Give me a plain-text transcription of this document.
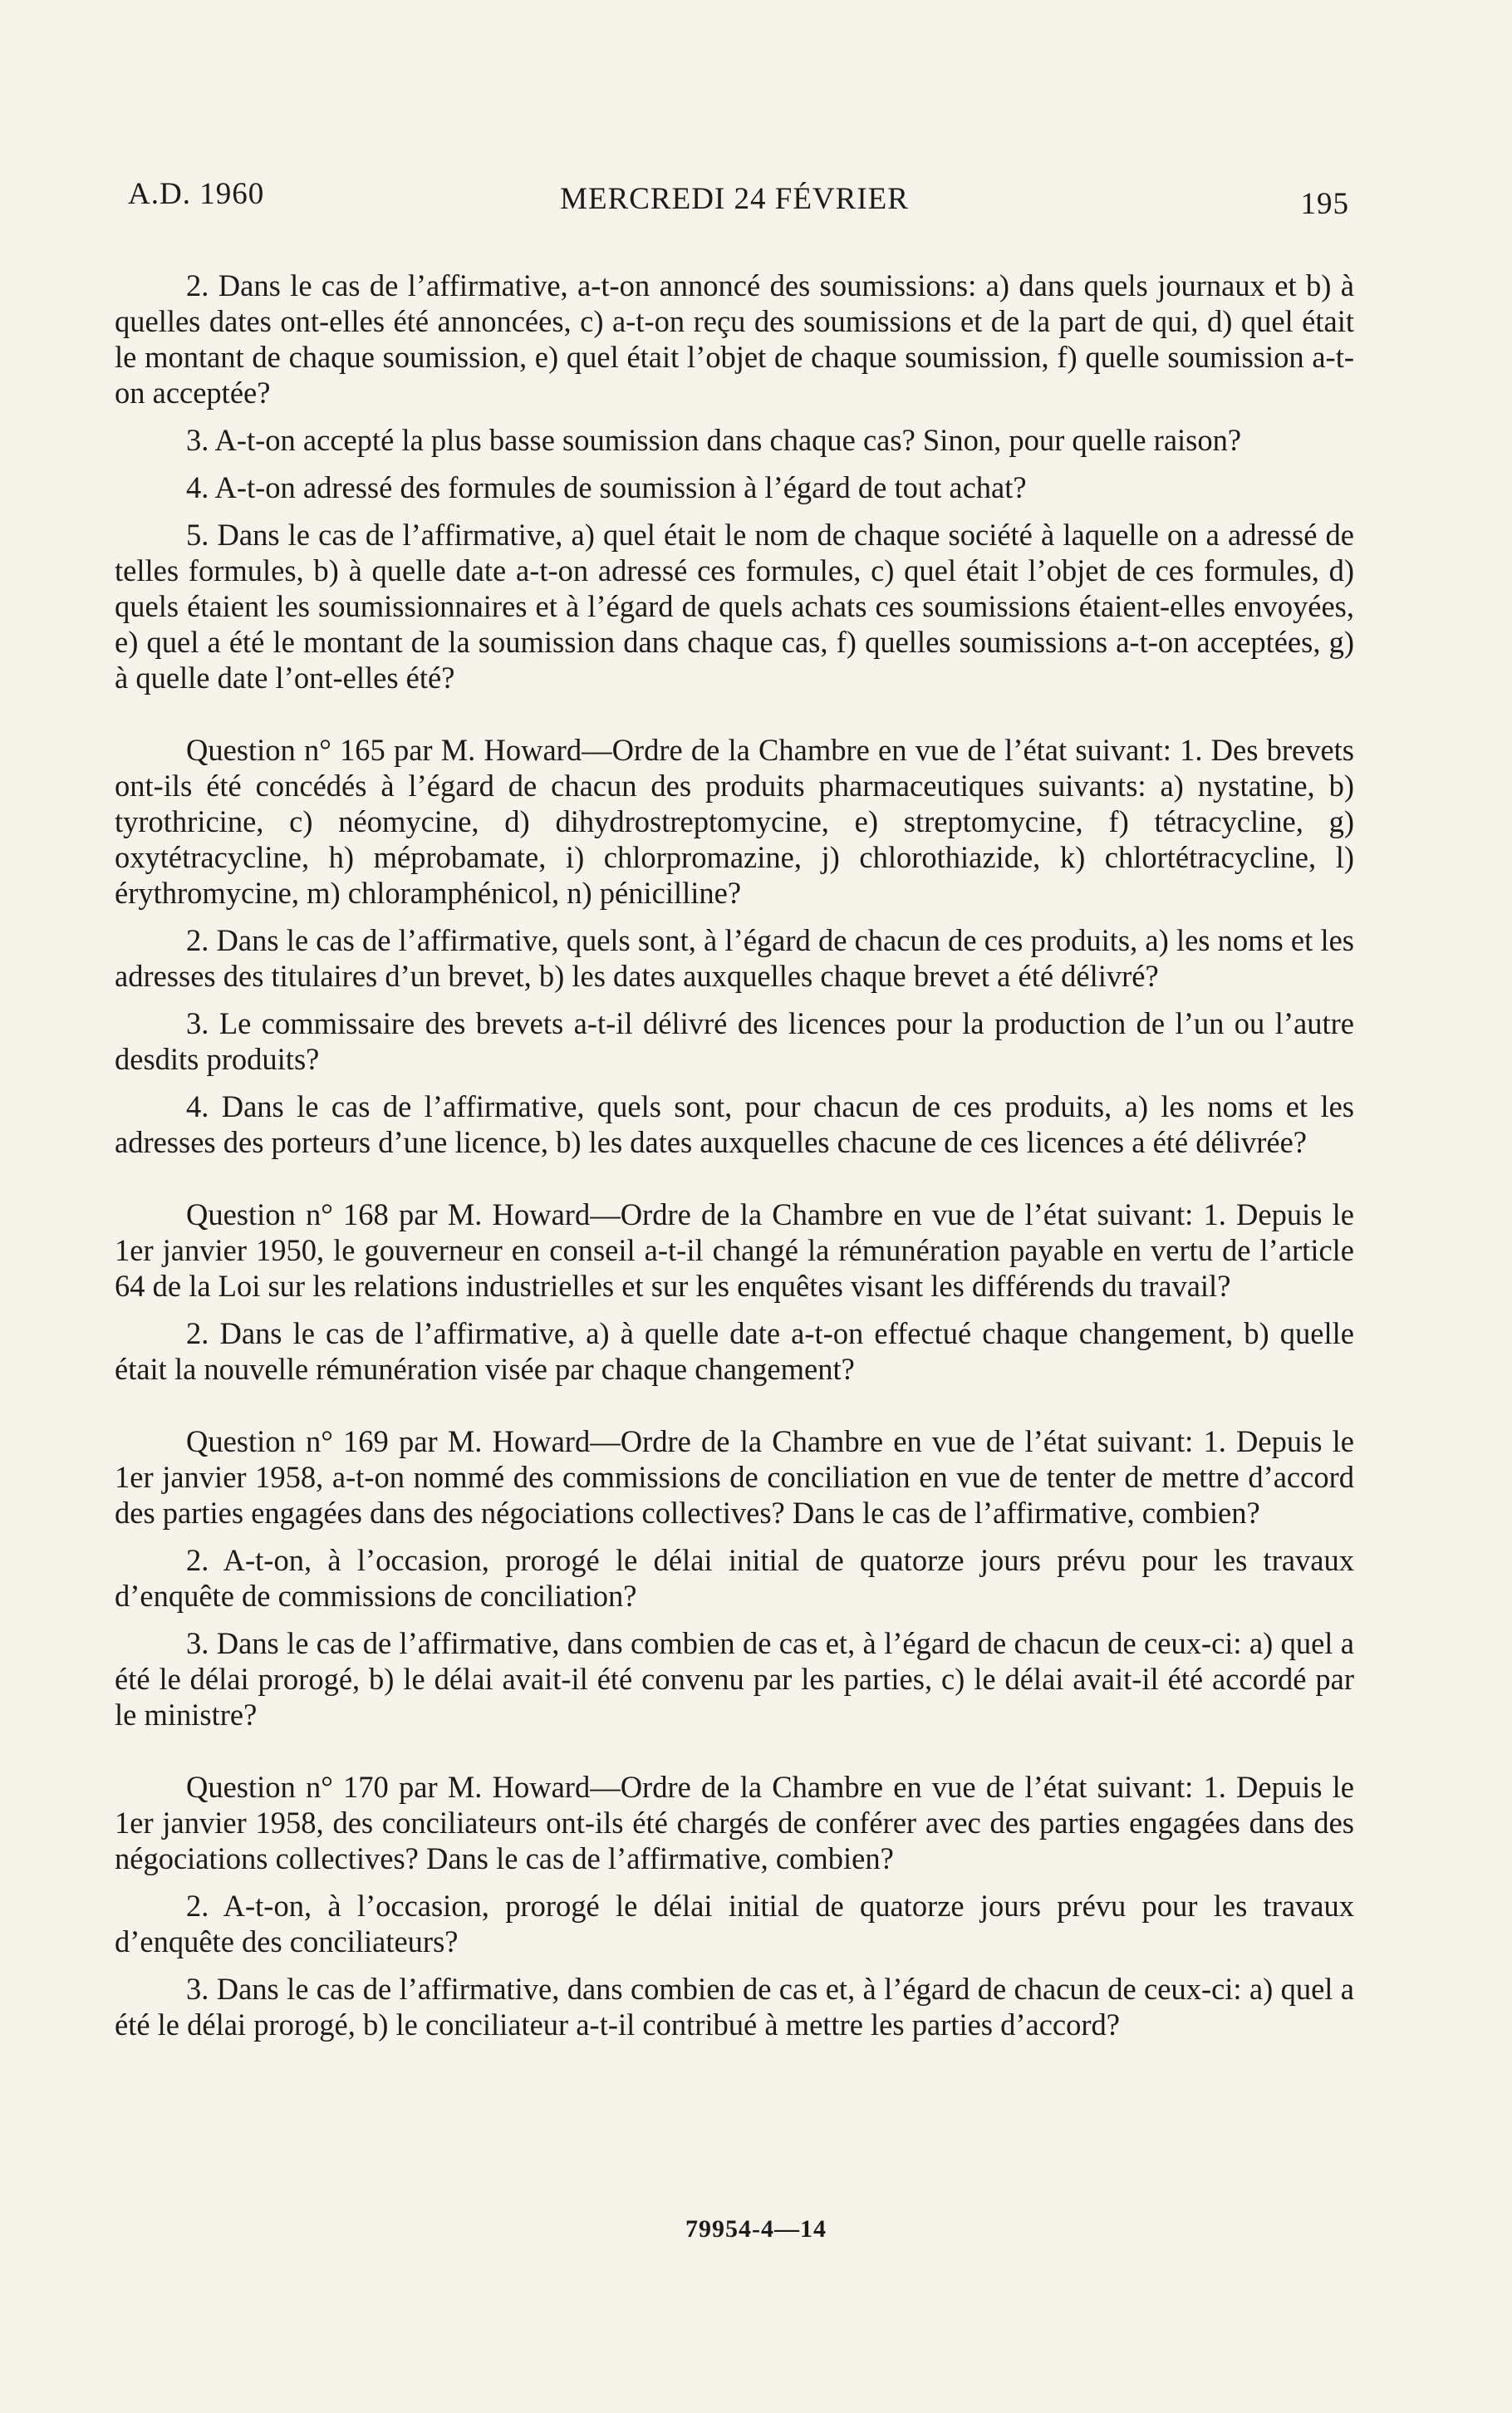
A.D. 1960	MERCREDI 24 FÉVRIER	195

2. Dans le cas de l’affirmative, a-t-on annoncé des soumissions: a) dans quels journaux et b) à quelles dates ont-elles été annoncées, c) a-t-on reçu des soumissions et de la part de qui, d) quel était le montant de chaque soumission, e) quel était l’objet de chaque soumission, f) quelle soumission a-t-on acceptée?

3. A-t-on accepté la plus basse soumission dans chaque cas? Sinon, pour quelle raison?

4. A-t-on adressé des formules de soumission à l’égard de tout achat?

5. Dans le cas de l’affirmative, a) quel était le nom de chaque société à laquelle on a adressé de telles formules, b) à quelle date a-t-on adressé ces formules, c) quel était l’objet de ces formules, d) quels étaient les soumissionnaires et à l’égard de quels achats ces soumissions étaient-elles envoyées, e) quel a été le montant de la soumission dans chaque cas, f) quelles soumissions a-t-on acceptées, g) à quelle date l’ont-elles été?

Question n° 165 par M. Howard—Ordre de la Chambre en vue de l’état suivant: 1. Des brevets ont-ils été concédés à l’égard de chacun des produits pharmaceutiques suivants: a) nystatine, b) tyrothricine, c) néomycine, d) dihydrostreptomycine, e) streptomycine, f) tétracycline, g) oxytétracycline, h) méprobamate, i) chlorpromazine, j) chlorothiazide, k) chlortétracycline, l) érythromycine, m) chloramphénicol, n) pénicilline?

2. Dans le cas de l’affirmative, quels sont, à l’égard de chacun de ces produits, a) les noms et les adresses des titulaires d’un brevet, b) les dates auxquelles chaque brevet a été délivré?

3. Le commissaire des brevets a-t-il délivré des licences pour la production de l’un ou l’autre desdits produits?

4. Dans le cas de l’affirmative, quels sont, pour chacun de ces produits, a) les noms et les adresses des porteurs d’une licence, b) les dates auxquelles chacune de ces licences a été délivrée?

Question n° 168 par M. Howard—Ordre de la Chambre en vue de l’état suivant: 1. Depuis le 1er janvier 1950, le gouverneur en conseil a-t-il changé la rémunération payable en vertu de l’article 64 de la Loi sur les relations industrielles et sur les enquêtes visant les différends du travail?

2. Dans le cas de l’affirmative, a) à quelle date a-t-on effectué chaque changement, b) quelle était la nouvelle rémunération visée par chaque changement?

Question n° 169 par M. Howard—Ordre de la Chambre en vue de l’état suivant: 1. Depuis le 1er janvier 1958, a-t-on nommé des commissions de conciliation en vue de tenter de mettre d’accord des parties engagées dans des négociations collectives? Dans le cas de l’affirmative, combien?

2. A-t-on, à l’occasion, prorogé le délai initial de quatorze jours prévu pour les travaux d’enquête de commissions de conciliation?

3. Dans le cas de l’affirmative, dans combien de cas et, à l’égard de chacun de ceux-ci: a) quel a été le délai prorogé, b) le délai avait-il été convenu par les parties, c) le délai avait-il été accordé par le ministre?

Question n° 170 par M. Howard—Ordre de la Chambre en vue de l’état suivant: 1. Depuis le 1er janvier 1958, des conciliateurs ont-ils été chargés de conférer avec des parties engagées dans des négociations collectives? Dans le cas de l’affirmative, combien?

2. A-t-on, à l’occasion, prorogé le délai initial de quatorze jours prévu pour les travaux d’enquête des conciliateurs?

3. Dans le cas de l’affirmative, dans combien de cas et, à l’égard de chacun de ceux-ci: a) quel a été le délai prorogé, b) le conciliateur a-t-il contribué à mettre les parties d’accord?

79954-4—14
